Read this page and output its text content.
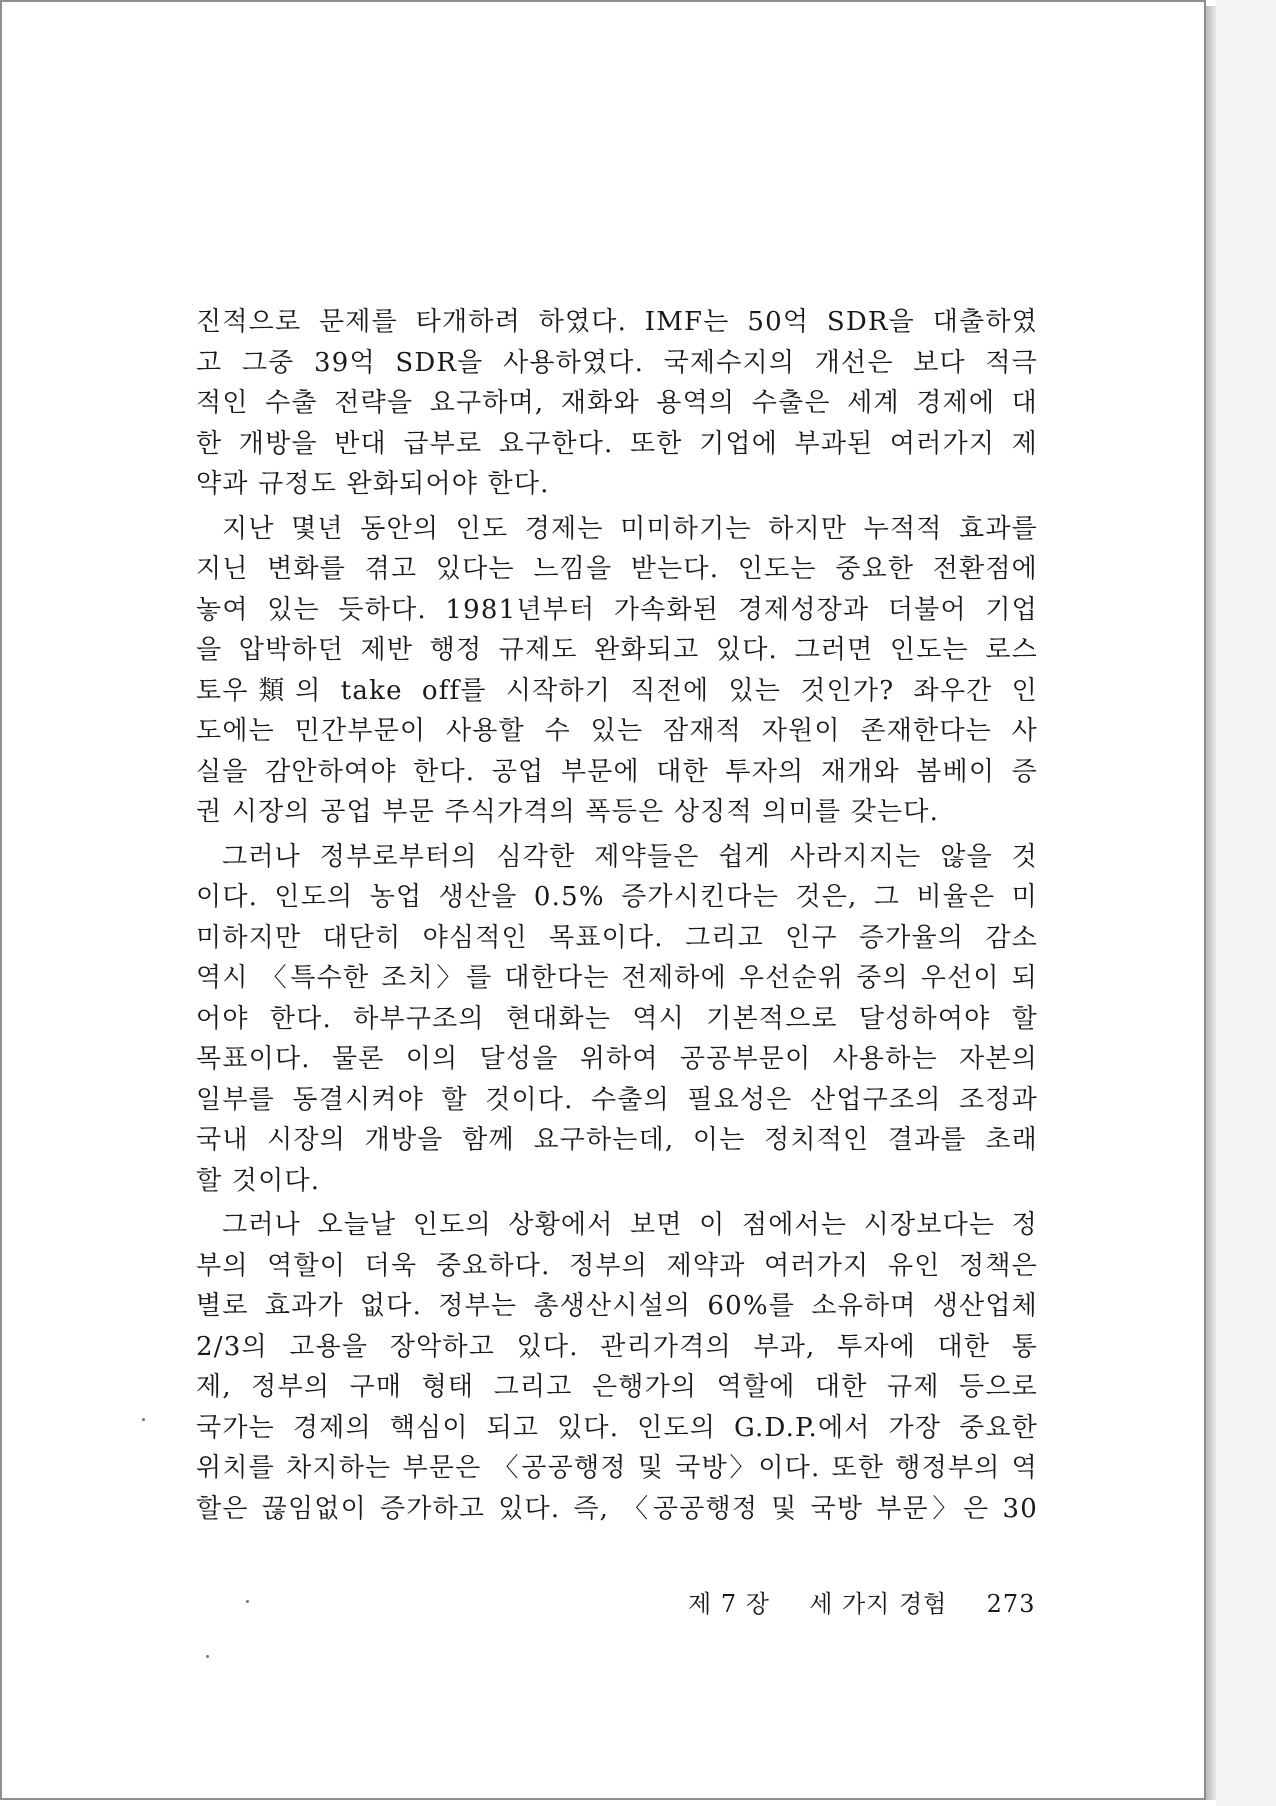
진적으로 문제를 타개하려 하였다. IMF는 50억 SDR을 대출하였
고 그중 39억 SDR을 사용하였다. 국제수지의 개선은 보다 적극
적인 수출 전략을 요구하며, 재화와 용역의 수출은 세계 경제에 대
한 개방을 반대 급부로 요구한다. 또한 기업에 부과된 여러가지 제
약과 규정도 완화되어야 한다.
지난 몇년 동안의 인도 경제는 미미하기는 하지만 누적적 효과를
지닌 변화를 겪고 있다는 느낌을 받는다. 인도는 중요한 전환점에
놓여 있는 듯하다. 1981년부터 가속화된 경제성장과 더불어 기업
을 압박하던 제반 행정 규제도 완화되고 있다. 그러면 인도는 로스
토우類의 take off를 시작하기 직전에 있는 것인가? 좌우간 인
도에는 민간부문이 사용할 수 있는 잠재적 자원이 존재한다는 사
실을 감안하여야 한다. 공업 부문에 대한 투자의 재개와 봄베이 증
권 시장의 공업 부문 주식가격의 폭등은 상징적 의미를 갖는다.
그러나 정부로부터의 심각한 제약들은 쉽게 사라지지는 않을 것
이다. 인도의 농업 생산을 0.5% 증가시킨다는 것은, 그 비율은 미
미하지만 대단히 야심적인 목표이다. 그리고 인구 증가율의 감소
역시 〈특수한 조치〉를 대한다는 전제하에 우선순위 중의 우선이 되
어야 한다. 하부구조의 현대화는 역시 기본적으로 달성하여야 할
목표이다. 물론 이의 달성을 위하여 공공부문이 사용하는 자본의
일부를 동결시켜야 할 것이다. 수출의 필요성은 산업구조의 조정과
국내 시장의 개방을 함께 요구하는데, 이는 정치적인 결과를 초래
할 것이다.
그러나 오늘날 인도의 상황에서 보면 이 점에서는 시장보다는 정
부의 역할이 더욱 중요하다. 정부의 제약과 여러가지 유인 정책은
별로 효과가 없다. 정부는 총생산시설의 60%를 소유하며 생산업체
2/3의 고용을 장악하고 있다. 관리가격의 부과, 투자에 대한 통
제, 정부의 구매 형태 그리고 은행가의 역할에 대한 규제 등으로
국가는 경제의 핵심이 되고 있다. 인도의 G.D.P.에서 가장 중요한
위치를 차지하는 부문은 〈공공행정 및 국방〉이다. 또한 행정부의 역
할은 끊임없이 증가하고 있다. 즉, 〈공공행정 및 국방 부문〉은 30
제 7 장 세 가지 경험 273
